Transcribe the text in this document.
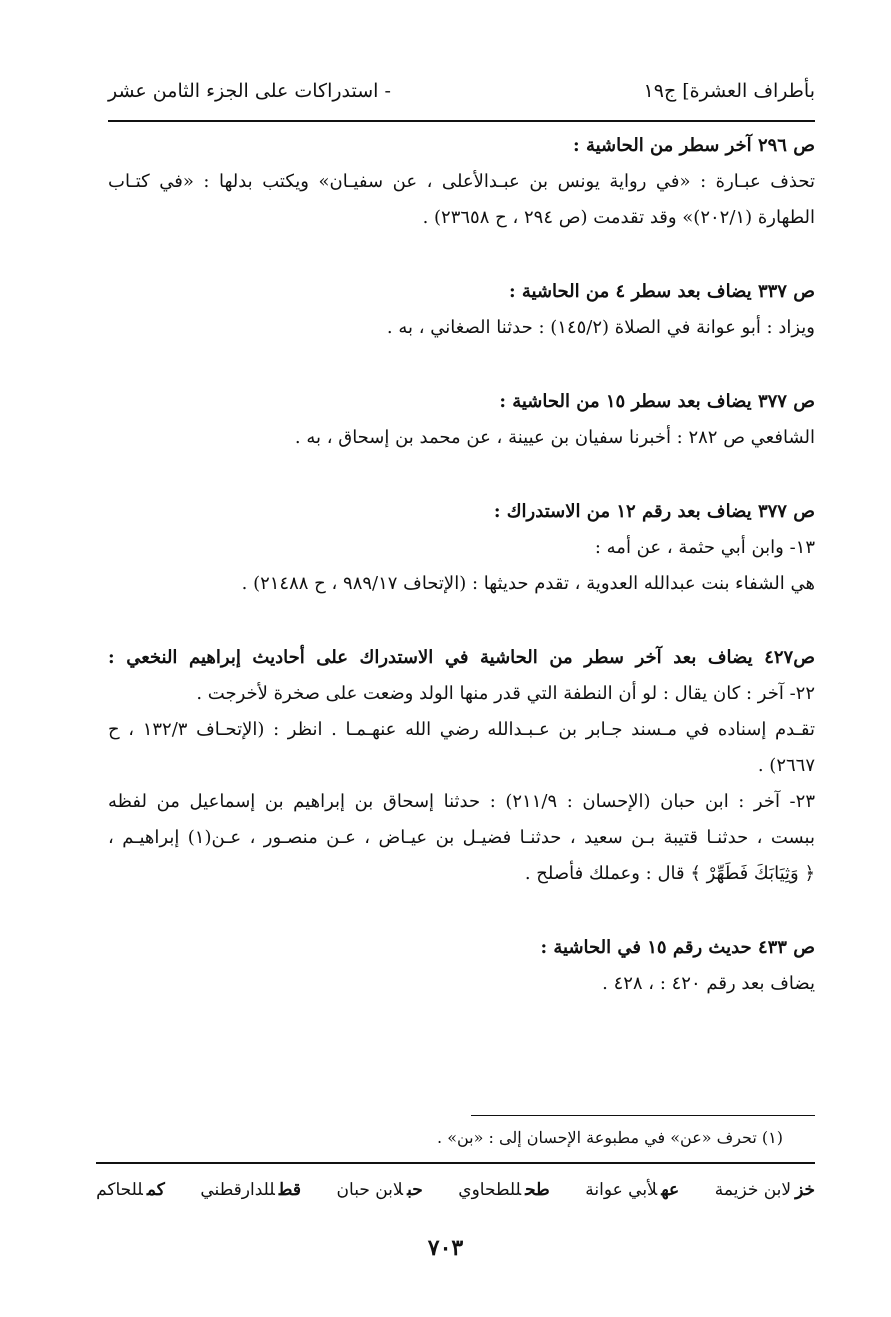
بأطراف العشرة] ج١٩
- استدراكات على الجزء الثامن عشر
ص ٢٩٦ آخر سطر من الحاشية :
تحذف عبـارة : «في رواية يونس بن عبـدالأعلى ، عن سفيـان» ويكتب بدلها : «في كتـاب
الطهارة (٢٠٢/١)» وقد تقدمت (ص ٢٩٤ ، ح ٢٣٦٥٨) .
ص ٣٣٧ يضاف بعد سطر ٤ من الحاشية :
ويزاد : أبو عوانة في الصلاة (١٤٥/٢) : حدثنا الصغاني ، به .
ص ٣٧٧ يضاف بعد سطر ١٥ من الحاشية :
الشافعي ص ٢٨٢ : أخبرنا سفيان بن عيينة ، عن محمد بن إسحاق ، به .
ص ٣٧٧ يضاف بعد رقم ١٢ من الاستدراك :
١٣- وابن أبي حثمة ، عن أمه :
هي الشفاء بنت عبدالله العدوية ، تقدم حديثها : (الإتحاف ٩٨٩/١٧ ، ح ٢١٤٨٨) .
ص٤٢٧ يضاف بعد آخر سطر من الحاشية في الاستدراك على أحاديث إبراهيم النخعي :
٢٢- آخر : كان يقال : لو أن النطفة التي قدر منها الولد وضعت على صخرة لأخرجت .
تقـدم إسناده في مـسند جـابر بن عـبـدالله رضي الله عنهـمـا . انظر : (الإتحـاف ١٣٢/٣ ، ح
٢٦٦٧) .
٢٣- آخر : ابن حبان (الإحسان : ٢١١/٩) : حدثنا إسحاق بن إبراهيم بن إسماعيل من لفظه
ببست ، حدثنـا قتيبة بـن سعيد ، حدثنـا فضيـل بن عيـاض ، عـن منصـور ، عـن(١) إبراهيـم ،
﴿ وَثِيَابَكَ فَطَهِّرْ ﴾ قال : وعملك فأصلح .
ص ٤٣٣ حديث رقم ١٥ في الحاشية :
يضاف بعد رقم ٤٢٠ : ، ٤٢٨ .
(١) تحرف «عن» في مطبوعة الإحسان إلى : «بن» .
خزلابن خزيمة
عهلأبي عوانة
طحللطحاوي
حبلابن حبان
قطللدارقطني
كمللحاكم
٧٠٣
